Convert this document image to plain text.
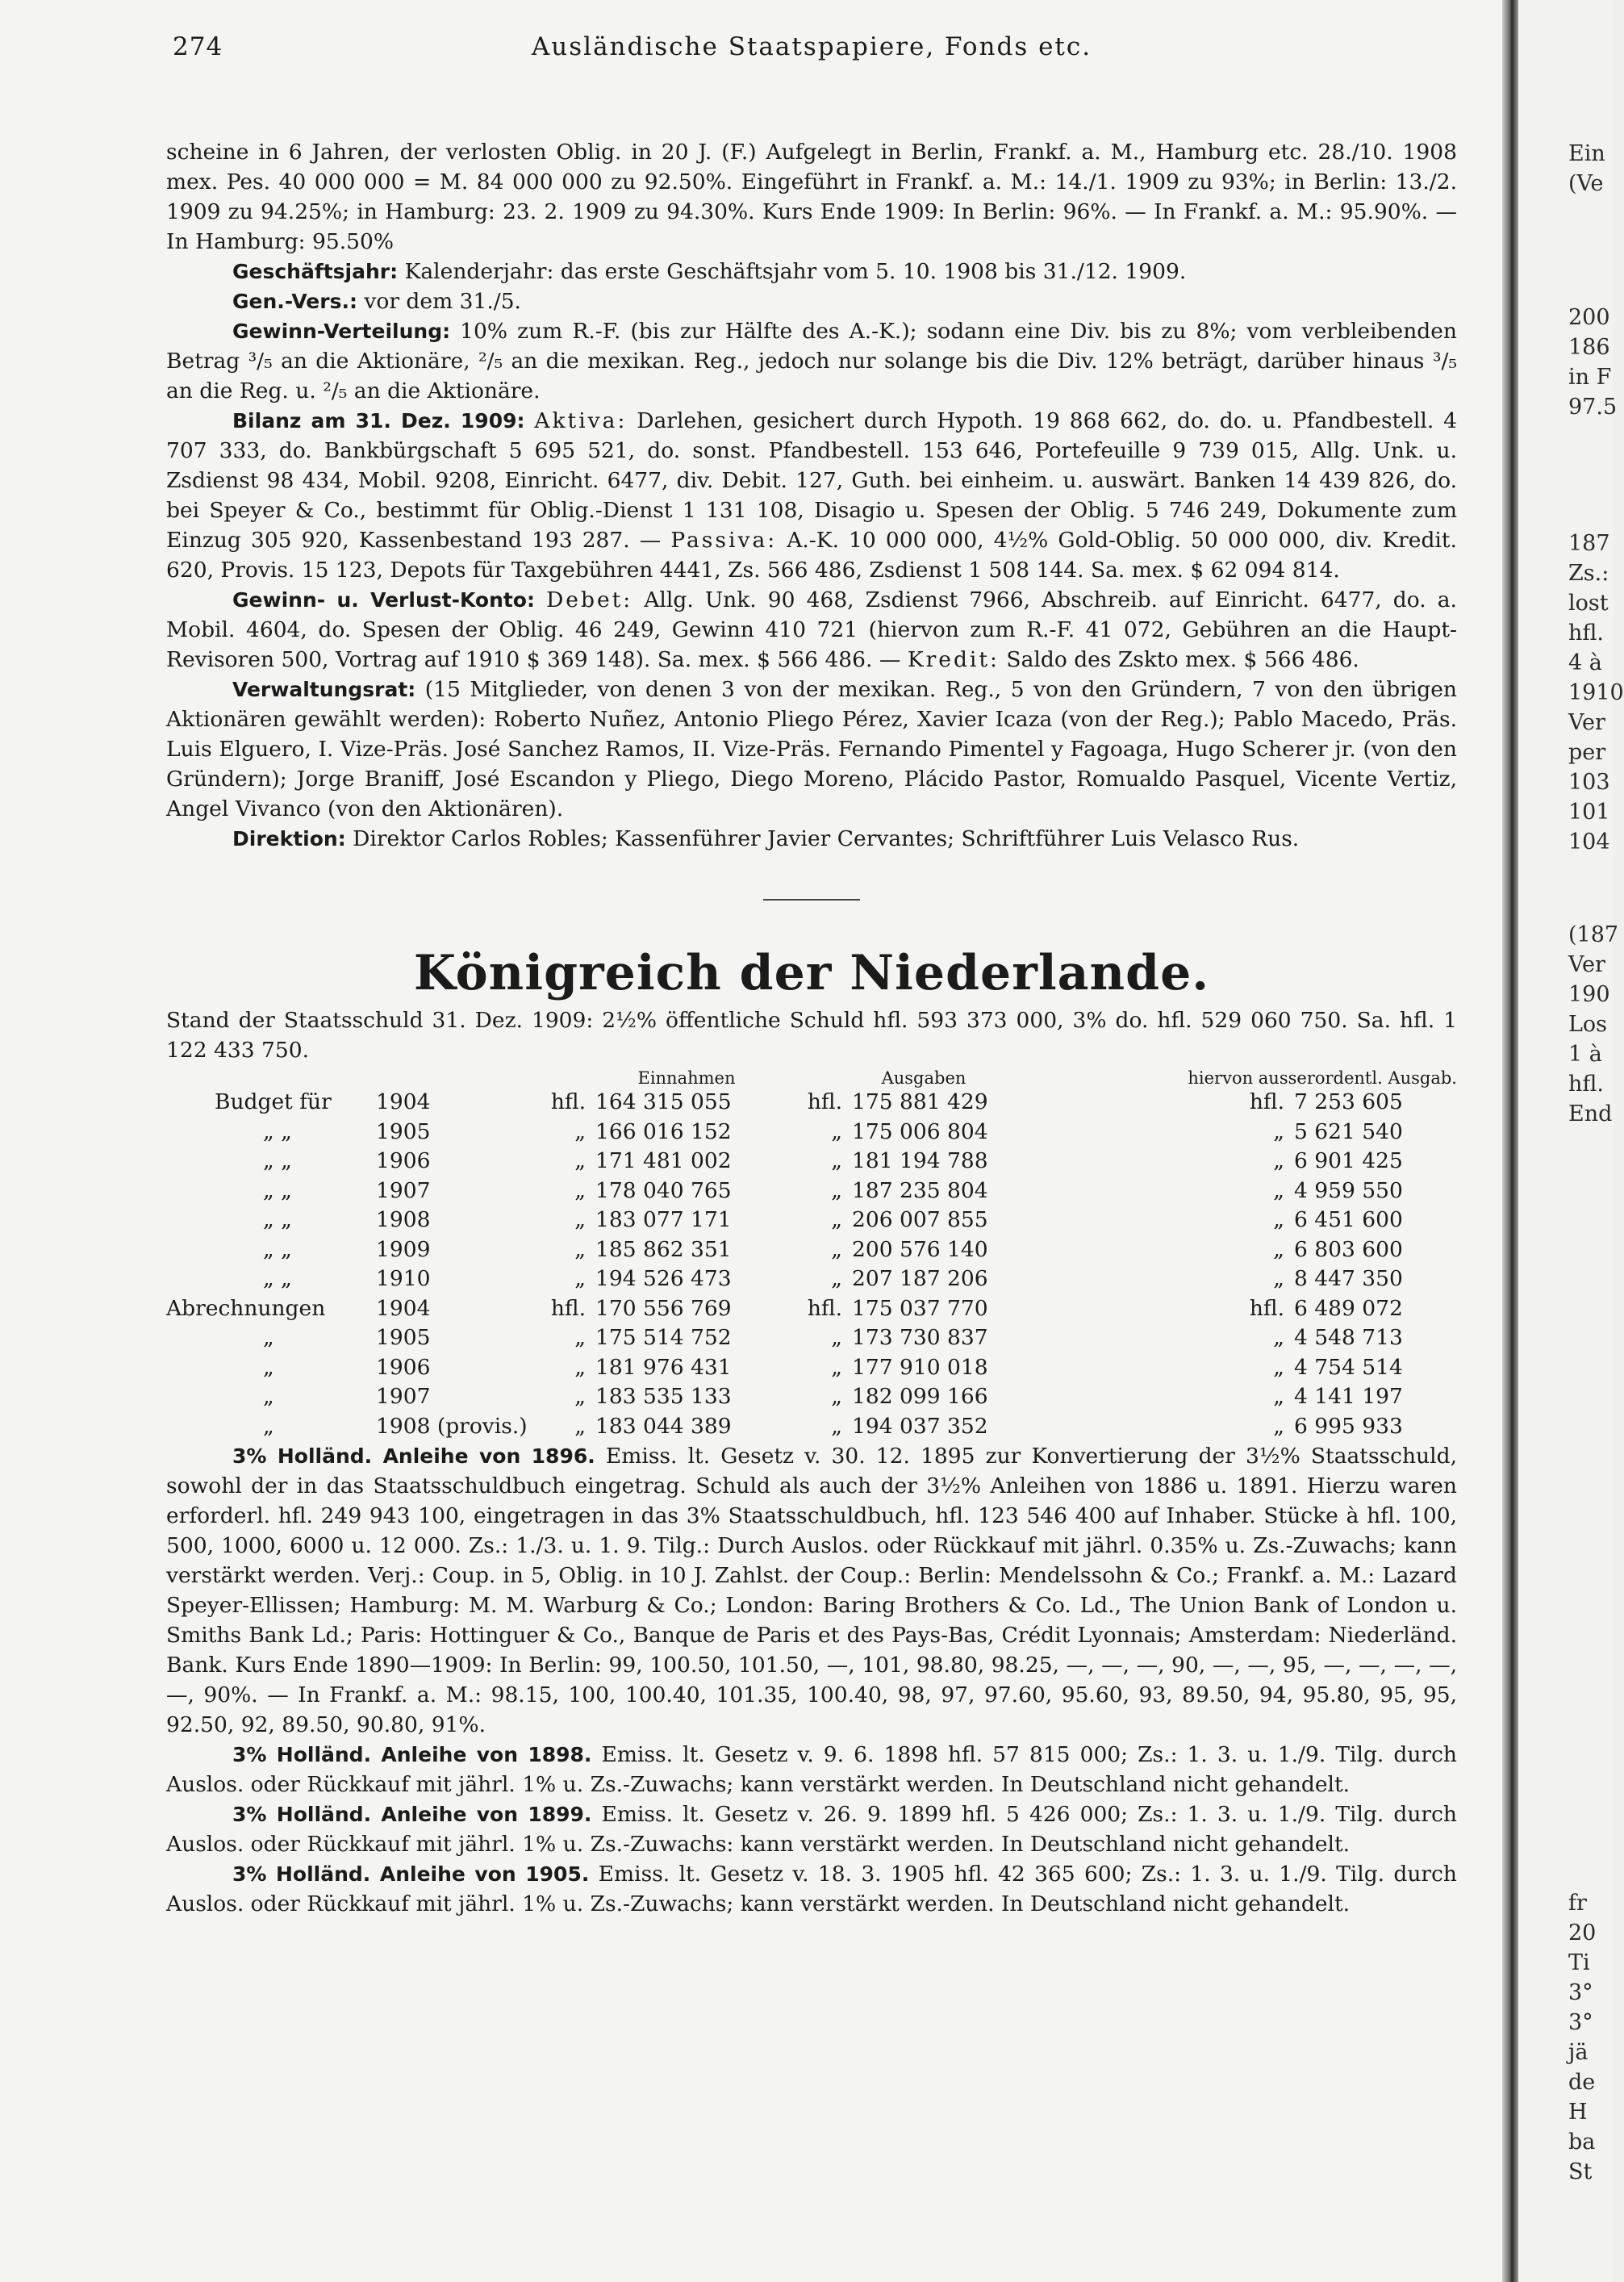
274	Ausländische Staatspapiere, Fonds etc.

scheine in 6 Jahren, der verlosten Oblig. in 20 J. (F.) Aufgelegt in Berlin, Frankf. a. M., Hamburg etc. 28./10. 1908 mex. Pes. 40 000 000 = M. 84 000 000 zu 92.50%. Eingeführt in Frankf. a. M.: 14./1. 1909 zu 93%; in Berlin: 13./2. 1909 zu 94.25%; in Hamburg: 23. 2. 1909 zu 94.30%. Kurs Ende 1909: In Berlin: 96%. — In Frankf. a. M.: 95.90%. — In Hamburg: 95.50%

Geschäftsjahr: Kalenderjahr: das erste Geschäftsjahr vom 5. 10. 1908 bis 31./12. 1909.

Gen.-Vers.: vor dem 31./5.

Gewinn-Verteilung: 10% zum R.-F. (bis zur Hälfte des A.-K.); sodann eine Div. bis zu 8%; vom verbleibenden Betrag ³/₅ an die Aktionäre, ²/₅ an die mexikan. Reg., jedoch nur solange bis die Div. 12% beträgt, darüber hinaus ³/₅ an die Reg. u. ²/₅ an die Aktionäre.

Bilanz am 31. Dez. 1909: Aktiva: Darlehen, gesichert durch Hypoth. 19 868 662, do. do. u. Pfandbestell. 4 707 333, do. Bankbürgschaft 5 695 521, do. sonst. Pfandbestell. 153 646, Portefeuille 9 739 015, Allg. Unk. u. Zsdienst 98 434, Mobil. 9208, Einricht. 6477, div. Debit. 127, Guth. bei einheim. u. auswärt. Banken 14 439 826, do. bei Speyer & Co., bestimmt für Oblig.-Dienst 1 131 108, Disagio u. Spesen der Oblig. 5 746 249, Dokumente zum Einzug 305 920, Kassenbestand 193 287. — Passiva: A.-K. 10 000 000, 4½% Gold-Oblig. 50 000 000, div. Kredit. 620, Provis. 15 123, Depots für Taxgebühren 4441, Zs. 566 486, Zsdienst 1 508 144. Sa. mex. $ 62 094 814.

Gewinn- u. Verlust-Konto: Debet: Allg. Unk. 90 468, Zsdienst 7966, Abschreib. auf Einricht. 6477, do. a. Mobil. 4604, do. Spesen der Oblig. 46 249, Gewinn 410 721 (hiervon zum R.-F. 41 072, Gebühren an die Haupt-Revisoren 500, Vortrag auf 1910 $ 369 148). Sa. mex. $ 566 486. — Kredit: Saldo des Zskto mex. $ 566 486.

Verwaltungsrat: (15 Mitglieder, von denen 3 von der mexikan. Reg., 5 von den Gründern, 7 von den übrigen Aktionären gewählt werden): Roberto Nuñez, Antonio Pliego Pérez, Xavier Icaza (von der Reg.); Pablo Macedo, Präs. Luis Elguero, I. Vize-Präs. José Sanchez Ramos, II. Vize-Präs. Fernando Pimentel y Fagoaga, Hugo Scherer jr. (von den Gründern); Jorge Braniff, José Escandon y Pliego, Diego Moreno, Plácido Pastor, Romualdo Pasquel, Vicente Vertiz, Angel Vivanco (von den Aktionären).

Direktion: Direktor Carlos Robles; Kassenführer Javier Cervantes; Schriftführer Luis Velasco Rus.

Königreich der Niederlande.

Stand der Staatsschuld 31. Dez. 1909: 2½% öffentliche Schuld hfl. 593 373 000, 3% do. hfl. 529 060 750. Sa. hfl. 1 122 433 750.

		Einnahmen		Ausgaben		hiervon ausserordentl. Ausgab.	
Budget für	1904	hfl.	164 315 055	hfl.	175 881 429	hfl.	7 253 605
„ „	1905	„	166 016 152	„	175 006 804	„	5 621 540
„ „	1906	„	171 481 002	„	181 194 788	„	6 901 425
„ „	1907	„	178 040 765	„	187 235 804	„	4 959 550
„ „	1908	„	183 077 171	„	206 007 855	„	6 451 600
„ „	1909	„	185 862 351	„	200 576 140	„	6 803 600
„ „	1910	„	194 526 473	„	207 187 206	„	8 447 350
Abrechnungen	1904	hfl.	170 556 769	hfl.	175 037 770	hfl.	6 489 072
„	1905	„	175 514 752	„	173 730 837	„	4 548 713
„	1906	„	181 976 431	„	177 910 018	„	4 754 514
„	1907	„	183 535 133	„	182 099 166	„	4 141 197
„	1908 (provis.)	„	183 044 389	„	194 037 352	„	6 995 933

3% Holländ. Anleihe von 1896. Emiss. lt. Gesetz v. 30. 12. 1895 zur Konvertierung der 3½% Staatsschuld, sowohl der in das Staatsschuldbuch eingetrag. Schuld als auch der 3½% Anleihen von 1886 u. 1891. Hierzu waren erforderl. hfl. 249 943 100, eingetragen in das 3% Staatsschuldbuch, hfl. 123 546 400 auf Inhaber. Stücke à hfl. 100, 500, 1000, 6000 u. 12 000. Zs.: 1./3. u. 1. 9. Tilg.: Durch Auslos. oder Rückkauf mit jährl. 0.35% u. Zs.-Zuwachs; kann verstärkt werden. Verj.: Coup. in 5, Oblig. in 10 J. Zahlst. der Coup.: Berlin: Mendelssohn & Co.; Frankf. a. M.: Lazard Speyer-Ellissen; Hamburg: M. M. Warburg & Co.; London: Baring Brothers & Co. Ld., The Union Bank of London u. Smiths Bank Ld.; Paris: Hottinguer & Co., Banque de Paris et des Pays-Bas, Crédit Lyonnais; Amsterdam: Niederländ. Bank. Kurs Ende 1890—1909: In Berlin: 99, 100.50, 101.50, —, 101, 98.80, 98.25, —, —, —, 90, —, —, 95, —, —, —, —, —, 90%. — In Frankf. a. M.: 98.15, 100, 100.40, 101.35, 100.40, 98, 97, 97.60, 95.60, 93, 89.50, 94, 95.80, 95, 95, 92.50, 92, 89.50, 90.80, 91%.

3% Holländ. Anleihe von 1898. Emiss. lt. Gesetz v. 9. 6. 1898 hfl. 57 815 000; Zs.: 1. 3. u. 1./9. Tilg. durch Auslos. oder Rückkauf mit jährl. 1% u. Zs.-Zuwachs; kann verstärkt werden. In Deutschland nicht gehandelt.

3% Holländ. Anleihe von 1899. Emiss. lt. Gesetz v. 26. 9. 1899 hfl. 5 426 000; Zs.: 1. 3. u. 1./9. Tilg. durch Auslos. oder Rückkauf mit jährl. 1% u. Zs.-Zuwachs: kann verstärkt werden. In Deutschland nicht gehandelt.

3% Holländ. Anleihe von 1905. Emiss. lt. Gesetz v. 18. 3. 1905 hfl. 42 365 600; Zs.: 1. 3. u. 1./9. Tilg. durch Auslos. oder Rückkauf mit jährl. 1% u. Zs.-Zuwachs; kann verstärkt werden. In Deutschland nicht gehandelt.

Ein
(Ve
200
186
in F
97.5
187
Zs.:
lost
hfl.
4 à
1910
Ver
per
103
101
104
(187
Ver
190
Los
1 à
hfl.
End
fr
20
Ti
3°
3°
jä
de
H
ba
St
